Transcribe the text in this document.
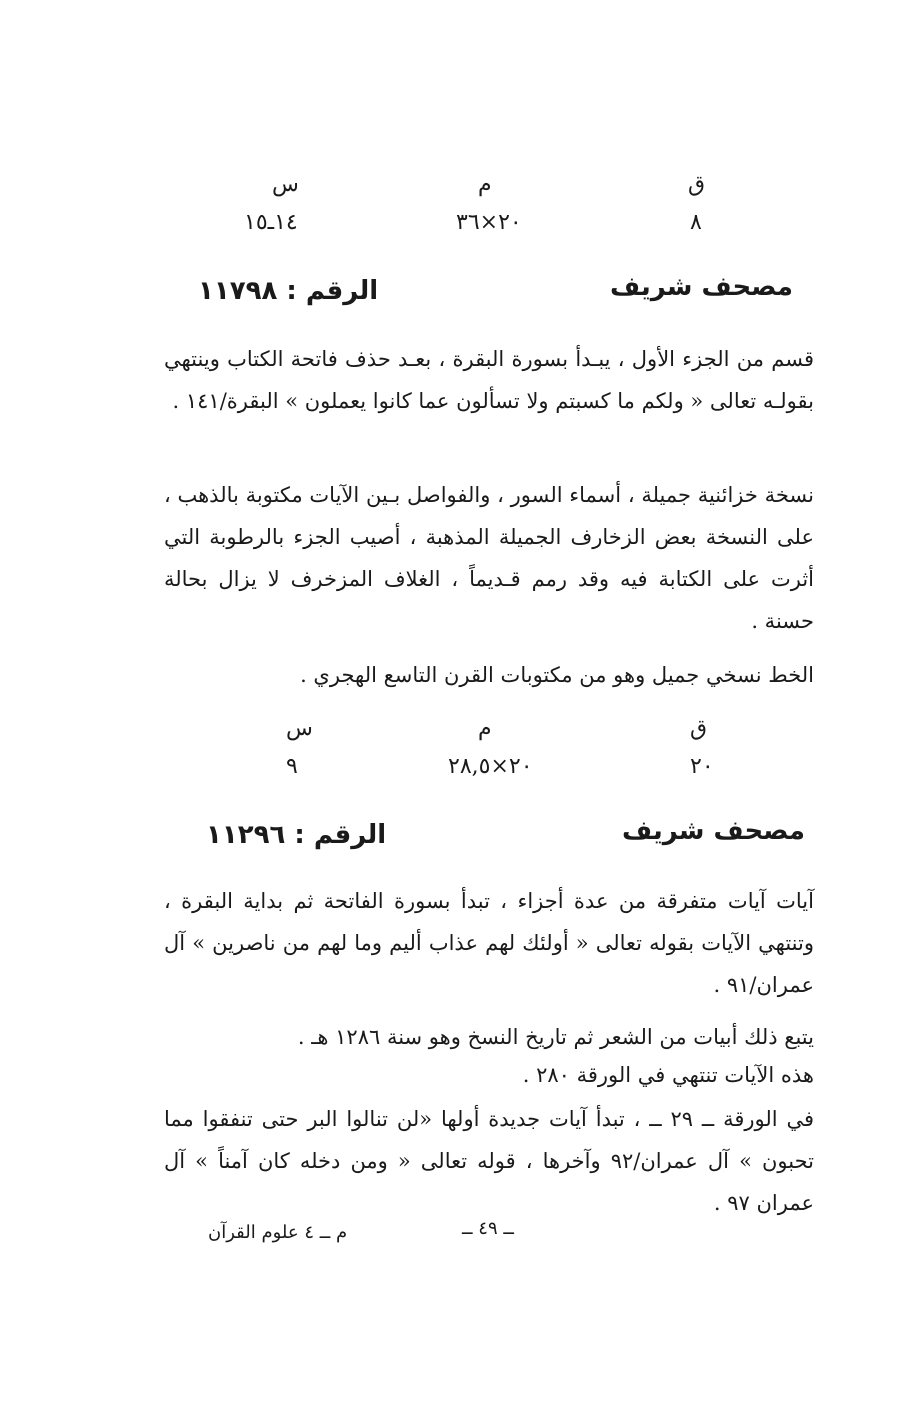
ق
م
س
٨
٢٠×٣٦
١٤ـ١٥
مصحف شريف
الرقم : ١١٧٩٨
قسم من الجزء الأول ، يبـدأ بسورة البقرة ، بعـد حذف فاتحة الكتاب وينتهي بقولـه تعالى « ولكم ما كسبتم ولا تسألون عما كانوا يعملون » البقرة/١٤١ .
نسخة خزائنية جميلة ، أسماء السور ، والفواصل بـين الآيات مكتوبة بالذهب ، على النسخة بعض الزخارف الجميلة المذهبة ، أصيب الجزء بالرطوبة التي أثرت على الكتابة فيه وقد رمم قـديماً ، الغلاف المزخرف لا يزال بحالة حسنة .
الخط نسخي جميل وهو من مكتوبات القرن التاسع الهجري .
ق
م
س
٢٠
٢٠×٢٨,٥
٩
مصحف شريف
الرقم : ١١٢٩٦
آيات آيات متفرقة من عدة أجزاء ، تبدأ بسورة الفاتحة ثم بداية البقرة ، وتنتهي الآيات بقوله تعالى « أولئك لهم عذاب أليم وما لهم من ناصرين » آل عمران/٩١ .
يتبع ذلك أبيات من الشعر ثم تاريخ النسخ وهو سنة ١٢٨٦ هـ .
هذه الآيات تنتهي في الورقة ٢٨٠ .
في الورقة ــ ٢٩ ــ ، تبدأ آيات جديدة أولها «لن تنالوا البر حتى تنفقوا مما تحبون » آل عمران/٩٢ وآخرها ، قوله تعالى « ومن دخله كان آمناً » آل عمران ٩٧ .
ــ ٤٩ ــ
م ــ ٤ علوم القرآن
